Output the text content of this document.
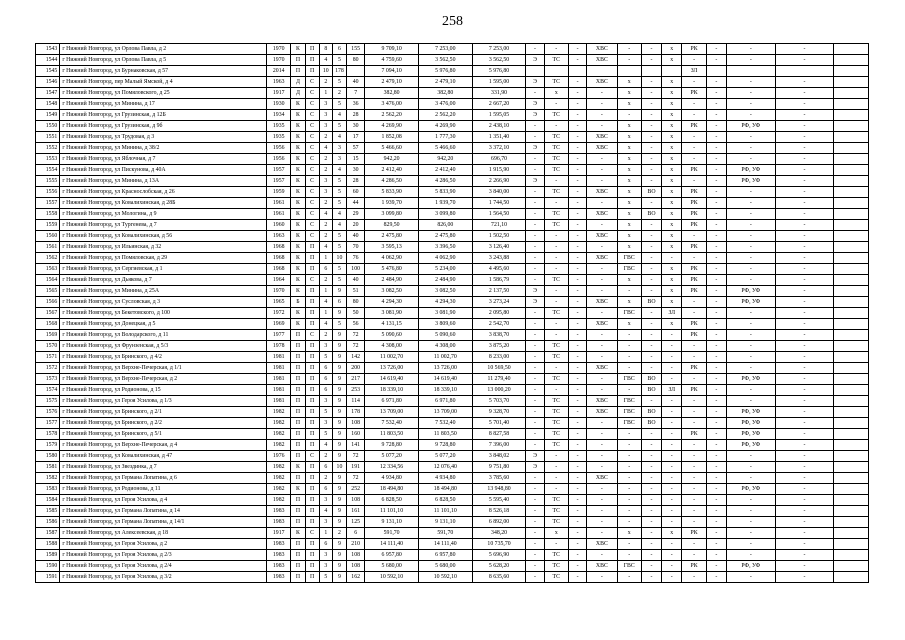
258
1543	г Нижний Новгород, ул Орлова Павла, д 2	1970	К	П	8	6	155	9 709,10	7 253,00	7 253,00	-	-	-	ХВС	-	-	х	РК	-	-	-	
1544	г Нижний Новгород, ул Орлова Павла, д 5	1970	П	П	4	5	80	4 759,60	3 562,50	3 562,50	Э	ТС	-	ХВС	-	-	х	-	-	-	-	
1545	г Нижний Новгород, ул Бурнаковская, д 57	2014	П	П	10	178		7 094,10	5 976,80	5 976,80								ЗЛ				
1546	г Нижний Новгород, пер Малый Ямской, д 4	1963	Д	С	2	5	40	2 479,10	2 479,10	1 595,00	Э	ТС	-	ХВС	х	-	х	-	-	-	-	
1547	г Нижний Новгород, ул Помяловского, д 25	1917	Д	С	1	2	7	382,80	382,80	331,90	-	х	-	-	х	-	х	РК	-	-	-	
1548	г Нижний Новгород, ул Минина, д 17	1930	К	С	3	5	36	3 476,00	3 476,00	2 667,20	Э	-	-	-	х	-	х	-	-	-	-	
1549	г Нижний Новгород, ул Грузинская, д 12Б	1934	К	С	3	4	28	2 562,20	2 562,20	1 595,05	Э	ТС	-	-	-	-	х	-	-	-	-	
1550	г Нижний Новгород, ул Грузинская, д 9б	1935	К	С	3	5	30	4 269,90	4 269,90	2 438,10	-	-	-	-	х	-	х	РК	-	РФ, УФ	-	
1551	г Нижний Новгород, ул Трудовая, д 3	1935	К	С	2	4	17	1 852,08	1 777,30	1 351,40	-	ТС	-	ХВС	х	-	х	-	-	-	-	
1552	г Нижний Новгород, ул Минина, д 38/2	1956	К	С	4	3	57	5 466,60	5 466,60	3 372,10	Э	ТС	-	ХВС	х	-	х	-	-	-	-	
1553	г Нижний Новгород, ул Яблочная, д 7	1956	К	С	2	3	15	942,20	942,20	696,70	-	ТС	-	-	х	-	х	-	-	-	-	
1554	г Нижний Новгород, ул Пискунова, д 40А	1957	К	С	2	4	30	2 412,40	2 412,40	1 915,90	-	ТС	-	-	х	-	х	РК	-	РФ, УФ	-	
1555	г Нижний Новгород, ул Минина, д 13А	1957	К	С	3	5	28	4 286,50	4 286,50	2 266,90	Э	-	-	-	х	-	х	-	-	РФ, УФ	-	
1556	г Нижний Новгород, ул Краснослобская, д 26	1959	К	С	3	5	60	5 833,90	5 833,90	3 840,00	-	ТС	-	ХВС	х	ВО	х	РК	-	-	-	
1557	г Нижний Новгород, ул Ковалихинская, д 28Б	1961	К	С	2	5	44	1 939,70	1 939,70	1 744,50	-	-	-	-	х	-	х	РК	-	-	-	
1558	г Нижний Новгород, ул Мологина, д 9	1961	К	С	4	4	29	3 099,80	3 099,80	1 564,50	-	ТС	-	ХВС	х	ВО	х	РК	-	-	-	
1559	г Нижний Новгород, ул Тургенева, д 7	1960	К	С	2	4	20	829,50	826,00	721,10	-	ТС	-	-	х	-	х	РК	-	-	-	
1560	г Нижний Новгород, ул Ковалихинская, д 56	1963	К	С	2	5	40	2 475,80	2 475,80	1 502,50	-	-	-	ХВС	х	-	х	-	-	-	-	
1561	г Нижний Новгород, ул Ильинская, д 32	1968	К	П	4	5	70	3 595,13	3 396,50	3 126,40	-	-	-	-	х	-	х	РК	-	-	-	
1562	г Нижний Новгород, ул Помяловская, д 29	1968	К	П	1	10	76	4 062,90	4 062,90	3 243,88	-	-	-	ХВС	ГВС	-	-	-	-	-	-	
1563	г Нижний Новгород, ул Сергиевская, д 1	1968	К	П	6	5	100	5 476,80	5 234,00	4 495,60	-	-	-	-	ГВС	-	х	РК	-	-	-	
1564	г Нижний Новгород, ул Дьякова, д 7	1964	К	С	2	5	40	2 484,90	2 484,90	1 586,79	-	ТС	-	-	х	-	х	РК	-	-	-	
1565	г Нижний Новгород, ул Минина, д 25А	1970	К	П	1	9	51	3 082,50	3 082,50	2 137,50	Э	-	-	-	-	-	х	РК	-	РФ, УФ	-	
1566	г Нижний Новгород, ул Сусловская, д 3	1965	Б	П	4	6	80	4 294,30	4 294,30	3 273,24	Э	-	-	ХВС	х	ВО	х	-	-	РФ, УФ	-	
1567	г Нижний Новгород, ул Бекетовского, д 100	1972	К	П	1	9	50	3 081,90	3 081,90	2 095,80	-	ТС	-	-	ГВС	-	ЗЛ	-	-	-	-	
1568	г Нижний Новгород, ул Донецкая, д 5	1969	К	П	4	5	56	4 131,15	3 809,60	2 542,70	-	-	-	ХВС	х	-	х	РК	-	-	-	
1569	г Нижний Новгород, ул Володарского, д 11	1977	П	С	2	9	72	5 090,60	5 090,60	3 838,70	-	-	-	-	-	-	-	РК	-	-	-	
1570	г Нижний Новгород, ул Фрунзенская, д 5/3	1978	П	П	3	9	72	4 308,00	4 308,00	3 875,20	-	ТС	-	-	-	-	-	-	-	-	-	
1571	г Нижний Новгород, ул Бринского, д 4/2	1981	П	П	5	9	142	11 002,70	11 002,70	8 233,00	-	ТС	-	-	-	-	-	-	-	-	-	
1572	г Нижний Новгород, ул Верхне-Печерская, д 1/1	1981	П	П	6	9	200	13 726,00	13 726,00	10 569,50	-	-	-	ХВС	-	-	-	РК	-	-	-	
1573	г Нижний Новгород, ул Верхне-Печерская, д 2	1981	П	П	6	9	217	14 619,40	14 619,40	11 279,40	-	ТС	-	-	ГВС	ВО	-	-	-	РФ, УФ	-	
1574	г Нижний Новгород, ул Родионова, д 15	1981	П	П	6	9	253	18 339,10	18 339,10	13 000,20	-	-	-	-	-	ВО	ЗЛ	РК	-	-	-	
1575	г Нижний Новгород, ул Героя Усилова, д 1/3	1981	П	П	3	9	114	6 971,80	6 971,80	5 703,70	-	ТС	-	ХВС	ГВС	-	-	-	-	-	-	
1576	г Нижний Новгород, ул Бринского, д 2/1	1982	П	П	5	9	178	13 709,00	13 709,00	9 328,70	-	ТС	-	ХВС	ГВС	ВО	-	-	-	РФ, УФ	-	
1577	г Нижний Новгород, ул Бринского, д 2/2	1982	П	П	3	9	108	7 532,40	7 532,40	5 701,40	-	ТС	-	-	ГВС	ВО	-	-	-	РФ, УФ	-	
1578	г Нижний Новгород, ул Бринского, д 5/1	1982	П	П	5	9	160	11 803,50	11 803,50	8 827,58	-	ТС	-	-	-	-	-	РК	-	РФ, УФ	-	
1579	г Нижний Новгород, ул Верхне-Печерская, д 4	1982	П	П	4	9	141	9 728,80	9 728,80	7 396,00	-	ТС	-	-	-	-	-	-	-	РФ, УФ	-	
1580	г Нижний Новгород, ул Ковалихинская, д 47	1976	П	С	2	9	72	5 077,20	5 077,20	3 848,02	Э	-	-	-	-	-	-	-	-	-	-	
1581	г Нижний Новгород, ул Звездинка, д 7	1982	К	П	6	10	191	12 334,56	12 076,40	9 751,80	Э	-	-	-	-	-	-	-	-	-	-	
1582	г Нижний Новгород, ул Германа Лопатина, д 6	1982	П	П	2	9	72	4 934,80	4 934,80	3 785,60	-	-	-	ХВС	-	-	-	-	-	-	-	
1583	г Нижний Новгород, ул Родионова, д 11	1982	К	П	6	9	252	18 494,80	18 494,80	13 948,80	-	-	-	-	-	-	-	-	-	РФ, УФ	-	
1584	г Нижний Новгород, ул Героя Усилова, д 4	1982	П	П	3	9	108	6 828,50	6 828,50	5 595,40	-	ТС	-	-	-	-	-	-	-	-	-	
1585	г Нижний Новгород, ул Германа Лопатина, д 14	1983	П	П	4	9	161	11 101,10	11 101,10	8 526,18	-	ТС	-	-	-	-	-	-	-	-	-	
1586	г Нижний Новгород, ул Германа Лопатина, д 14/1	1983	П	П	3	9	125	9 131,10	9 131,10	6 892,00	-	ТС	-	-	-	-	-	-	-	-	-	
1587	г Нижний Новгород, ул Алексеевская, д 18	1917	К	С	1	2	6	591,70	591,70	348,20	-	х	-	-	х	-	х	РК	-	-	-	
1588	г Нижний Новгород, ул Героя Усилова, д 2	1983	П	П	6	9	210	14 111,40	14 111,40	10 735,70	-	-	-	ХВС	-	-	-	-	-	-	-	
1589	г Нижний Новгород, ул Героя Усилова, д 2/3	1983	П	П	3	9	108	6 957,80	6 957,80	5 696,90	-	ТС	-	-	-	-	-	-	-	-	-	
1590	г Нижний Новгород, ул Героя Усилова, д 2/4	1983	П	П	3	9	108	5 680,00	5 680,00	5 628,20	-	ТС	-	ХВС	ГВС	-	-	РК	-	РФ, УФ	-	
1591	г Нижний Новгород, ул Героя Усилова, д 3/2	1983	П	П	5	9	162	10 592,10	10 592,10	8 635,60	-	ТС	-	-	-	-	-	-	-	-	-	
